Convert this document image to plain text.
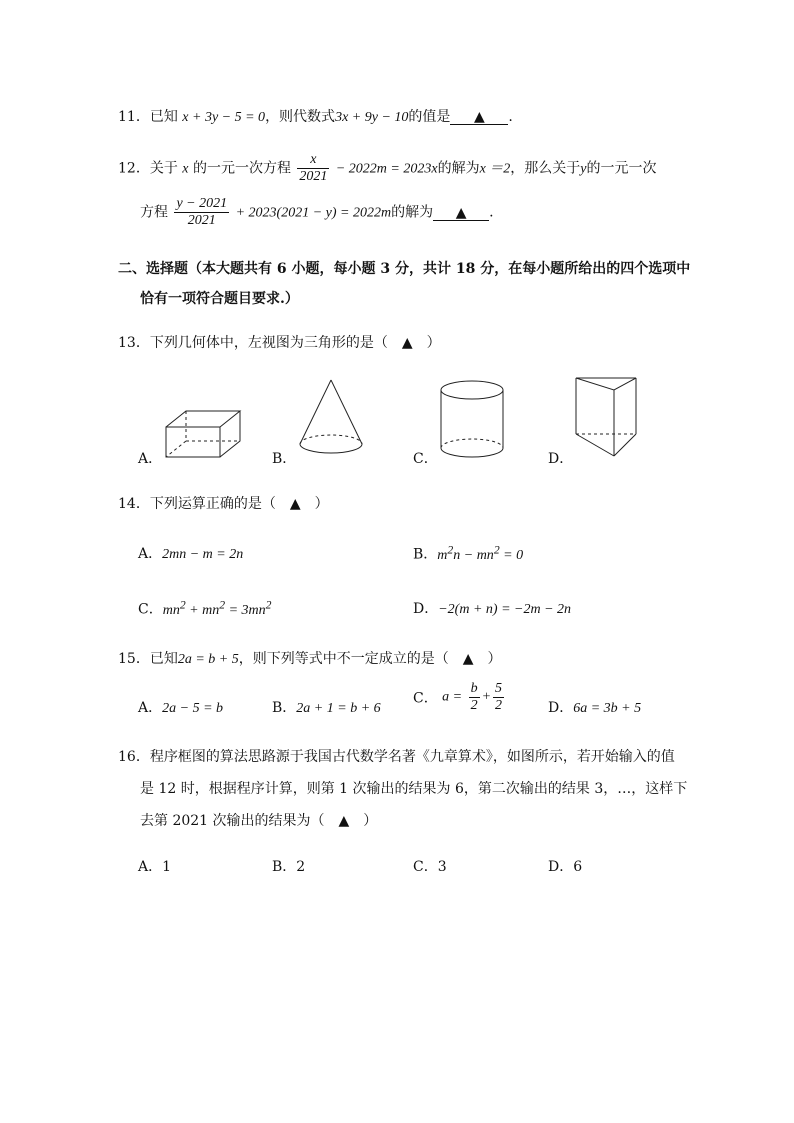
11．已知 x + 3y − 5 = 0，则代数式3x + 9y − 10的值是 ▲ .
12．关于 x 的一元一次方程 $\frac{x}{2021} - 2022m = 2023x$的解为x ＝2，那么关于y的一元一次
方程 $\frac{y - 2021}{2021} + 2023(2021 - y) = 2022m$的解为 ▲ .
二、选择题（本大题共有 6 小题，每小题 3 分，共计 18 分，在每小题所给出的四个选项中
恰有一项符合题目要求.）
13．下列几何体中，左视图为三角形的是（　▲　）
A．	B．	C．	D．
14．下列运算正确的是（　▲　）
A．2mn − m = 2n	B．$m^2n - mn^2 = 0$
C．$mn^2 + mn^2 = 3mn^2$	D．−2(m + n) = −2m − 2n
15．已知2a = b + 5，则下列等式中不一定成立的是（　▲　）
A．2a − 5 = b	B．2a + 1 = b + 6
C． $a = \frac{b}{2} + \frac{5}{2}$	D．6a = 3b + 5
16．程序框图的算法思路源于我国古代数学名著《九章算术》，如图所示，若开始输入的值
是 12 时，根据程序计算，则第 1 次输出的结果为 6，第二次输出的结果 3，…，这样下
去第 2021 次输出的结果为（　▲　）
A．1	B．2	C．3	D．6
